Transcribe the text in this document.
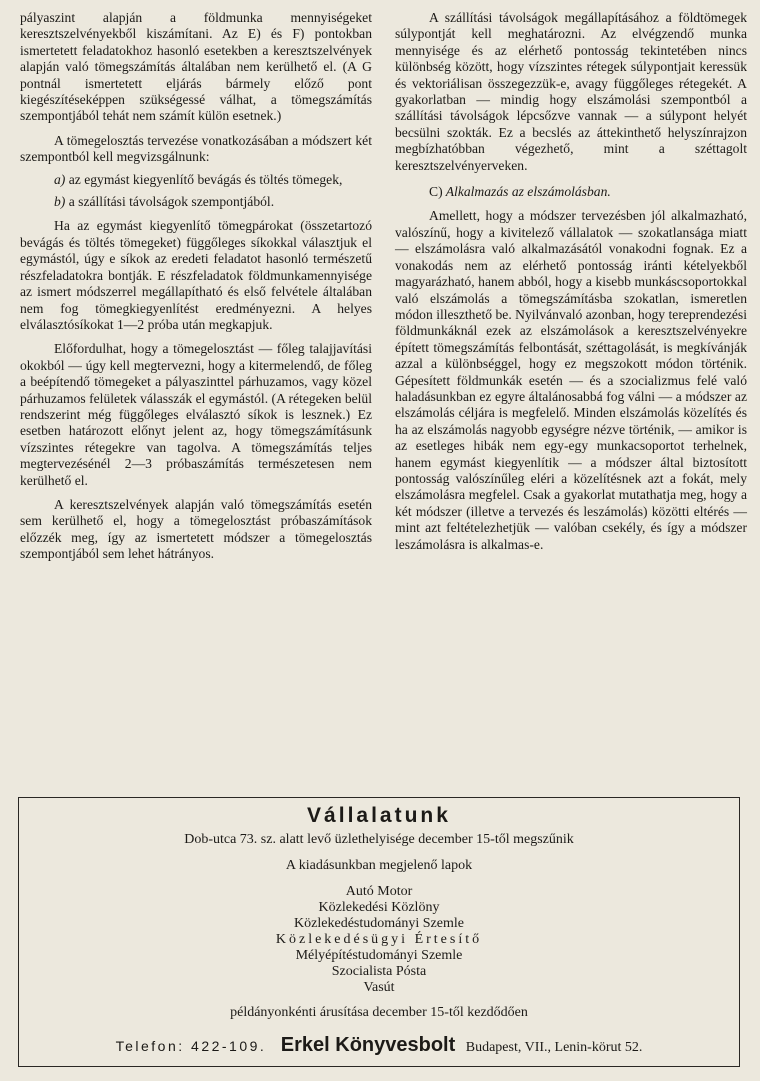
pályaszint alapján a földmunka mennyiségeket keresztszelvényekből kiszámítani. Az E) és F) pontokban ismertetett feladatokhoz hasonló esetekben a keresztszelvények alapján való tömegszámítás általában nem kerülhető el. (A G pontnál ismertetett eljárás bármely előző pont kiegészítéseképpen szükségessé válhat, a tömegszámítás szempontjából tehát nem számít külön esetnek.)

A tömegelosztás tervezése vonatkozásában a módszert két szempontból kell megvizsgálnunk:

a) az egymást kiegyenlítő bevágás és töltés tömegek,

b) a szállítási távolságok szempontjából.

Ha az egymást kiegyenlítő tömegpárokat (összetartozó bevágás és töltés tömegeket) függőleges síkokkal választjuk el egymástól, úgy e síkok az eredeti feladatot hasonló természetű részfeladatokra bontják. E részfeladatok földmunkamennyisége az ismert módszerrel megállapítható és első felvétele általában nem fog tömegkiegyenlítést eredményezni. A helyes elválasztósíkokat 1—2 próba után megkapjuk.

Előfordulhat, hogy a tömegelosztást — főleg talajjavítási okokból — úgy kell megtervezni, hogy a kitermelendő, de főleg a beépítendő tömegeket a pályaszinttel párhuzamos, vagy közel párhuzamos felületek válasszák el egymástól. (A rétegeken belül rendszerint még függőleges elválasztó síkok is lesznek.) Ez esetben határozott előnyt jelent az, hogy tömegszámításunk vízszintes rétegekre van tagolva. A tömegszámítás teljes megtervezésénél 2—3 próbaszámítás természetesen nem kerülhető el.

A keresztszelvények alapján való tömegszámítás esetén sem kerülhető el, hogy a tömegelosztást próbaszámítások előzzék meg, így az ismertetett módszer a tömegelosztás szempontjából sem lehet hátrányos.

A szállítási távolságok megállapításához a földtömegek súlypontját kell meghatározni. Az elvégzendő munka mennyisége és az elérhető pontosság tekintetében nincs különbség között, hogy vízszintes rétegek súlypontjait keressük és vektoriálisan összegezzük-e, avagy függőleges rétegekét. A gyakorlatban — mindig hogy elszámolási szempontból a szállítási távolságok lépcsőzve vannak — a súlypont helyét becsülni szokták. Ez a becslés az áttekinthető helyszínrajzon megbízhatóbban végezhető, mint a széttagolt keresztszelvényerveken.

C) Alkalmazás az elszámolásban.

Amellett, hogy a módszer tervezésben jól alkalmazható, valószínű, hogy a kivitelező vállalatok — szokatlansága miatt — elszámolásra való alkalmazásától vonakodni fognak. Ez a vonakodás nem az elérhető pontosság iránti kételyekből magyarázható, hanem abból, hogy a kisebb munkáscsoportokkal való elszámolás a tömegszámításba szokatlan, ismeretlen módon illeszthető be. Nyilvánvaló azonban, hogy tereprendezési földmunkáknál ezek az elszámolások a keresztszelvényekre épített tömegszámítás felbontását, széttagolását, is megkívánják azzal a különbséggel, hogy ez megszokott módon történik. Gépesített földmunkák esetén — és a szocializmus felé való haladásunkban ez egyre általánosabbá fog válni — a módszer az elszámolás céljára is megfelelő. Minden elszámolás közelítés és ha az elszámolás nagyobb egységre nézve történik, — amikor is az esetleges hibák nem egy-egy munkacsoportot terhelnek, hanem egymást kiegyenlítik — a módszer által biztosított pontosság valószínűleg eléri a közelítésnek azt a fokát, mely elszámolásra megfelel. Csak a gyakorlat mutathatja meg, hogy a két módszer (illetve a tervezés és leszámolás) közötti eltérés — mint azt feltételezhetjük — valóban csekély, és így a módszer leszámolásra is alkalmas-e.

Vállalatunk
Dob-utca 73. sz. alatt levő üzlethelyisége december 15-től megszűnik
A kiadásunkban megjelenő lapok
Autó Motor
Közlekedési Közlöny
Közlekedéstudományi Szemle
Közlekedésügyi Értesítő
Mélyépítéstudományi Szemle
Szocialista Pósta
Vasút
példányonkénti árusítása december 15-től kezdődően
Telefon: 422-109. Erkel Könyvesbolt Budapest, VII., Lenin-körut 52.
